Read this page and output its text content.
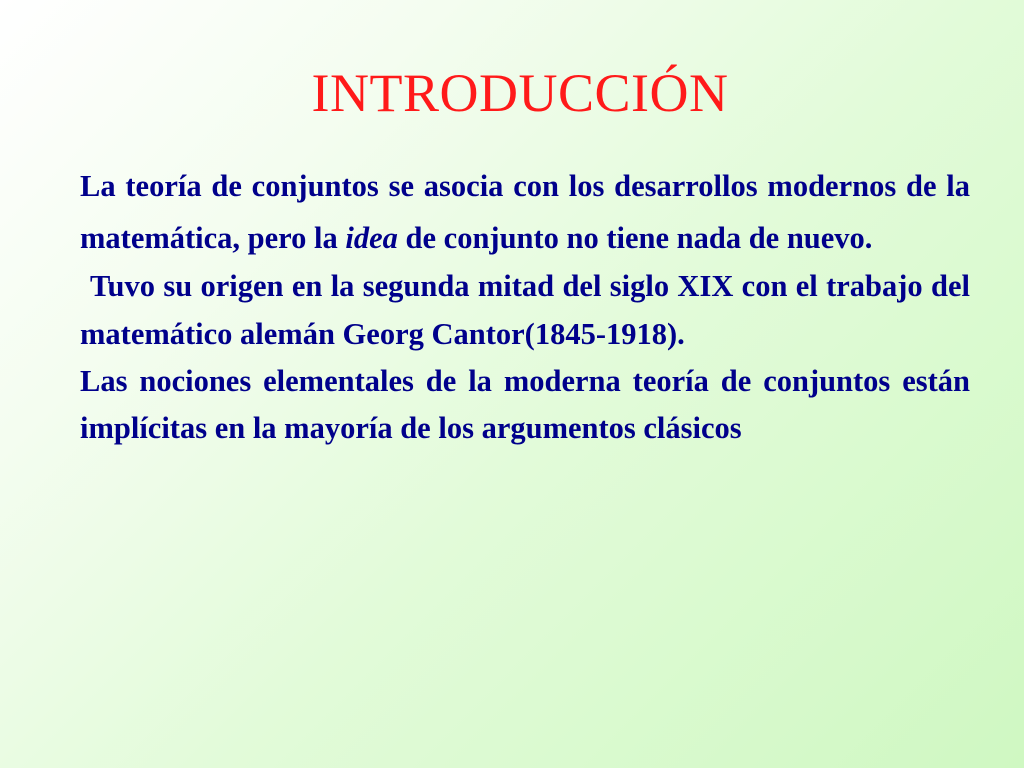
INTRODUCCIÓN

La teoría de conjuntos se asocia con los desarrollos modernos de la matemática, pero la idea de conjunto no tiene nada de nuevo.

Tuvo su origen en la segunda mitad del siglo XIX con el trabajo del matemático alemán Georg Cantor(1845-1918).

Las nociones elementales de la moderna teoría de conjuntos están implícitas en la mayoría de los argumentos clásicos
